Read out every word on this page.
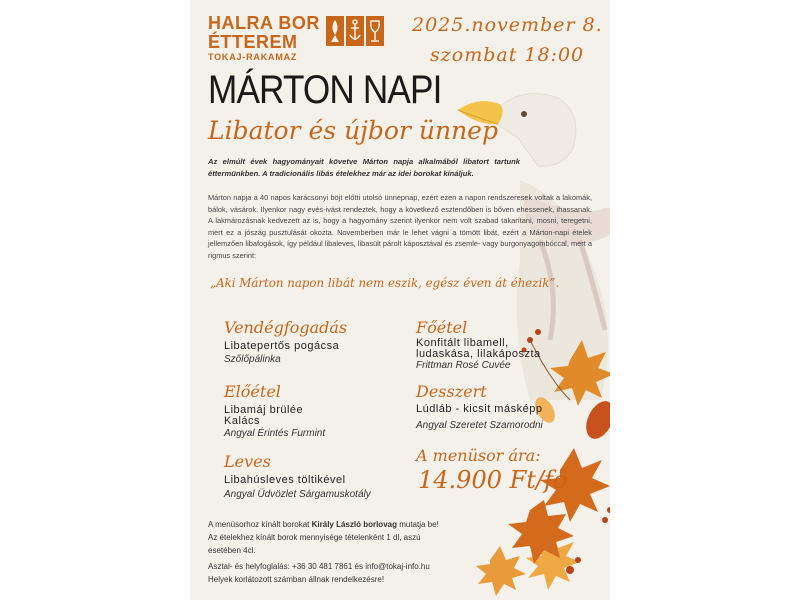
HALRA BOR
ÉTTEREM
TOKAJ-RAKAMAZ
2025.november 8.
szombat 18:00
MÁRTON NAPI
Libator és újbor ünnep
Az elmúlt évek hagyományait követve Márton napja alkalmából libatort tartunk éttermünkben. A tradicionális libás ételekhez már az idei borokat kínáljuk.
Márton napja a 40 napos karácsonyi böjt előtti utolsó ünnepnap, ezért ezen a napon rendszeresek voltak a lakomák, bálok, vásárok. Ilyenkor nagy evés-ivást rendeztek, hogy a következő esztendőben is bőven ehessenek, ihassanak. A lakmározásnak kedvezett az is, hogy a hagyomány szerint ilyenkor nem volt szabad takarítani, mosni, teregetni, mert ez a jószág pusztulását okozta. Novemberben már le lehet vágni a tömött libát, ezért a Márton-napi ételek jellemzően libafogások, így például libaleves, libasült párolt káposztával és zsemle- vagy burgonyagombóccal, mert a rigmus szerint:
„Aki Márton napon libát nem eszik, egész éven át éhezik”.
Vendégfogadás
Libatepertős pogácsa
Szőlőpálinka
Előétel
Libamáj brülée
Kalács
Angyal Érintés Furmint
Leves
Libahúsleves töltikével
Angyal Üdvözlet Sárgamuskotály
Főétel
Konfitált libamell,
ludaskása, lilakáposzta
Frittman Rosé Cuvée
Desszert
Lúdláb - kicsit másképp
Angyal Szeretet Szamorodni
A menüsor ára:
14.900 Ft/fő
A menüsorhoz kínált borokat Király László borlovag mutatja be!
Az ételekhez kínált borok mennyisége tételenként 1 dl, aszú
esetében 4cl.
Asztal- és helyfoglalás: +36 30 481 7861 és info@tokaj-info.hu
Helyek korlátozott számban állnak rendelkezésre!
